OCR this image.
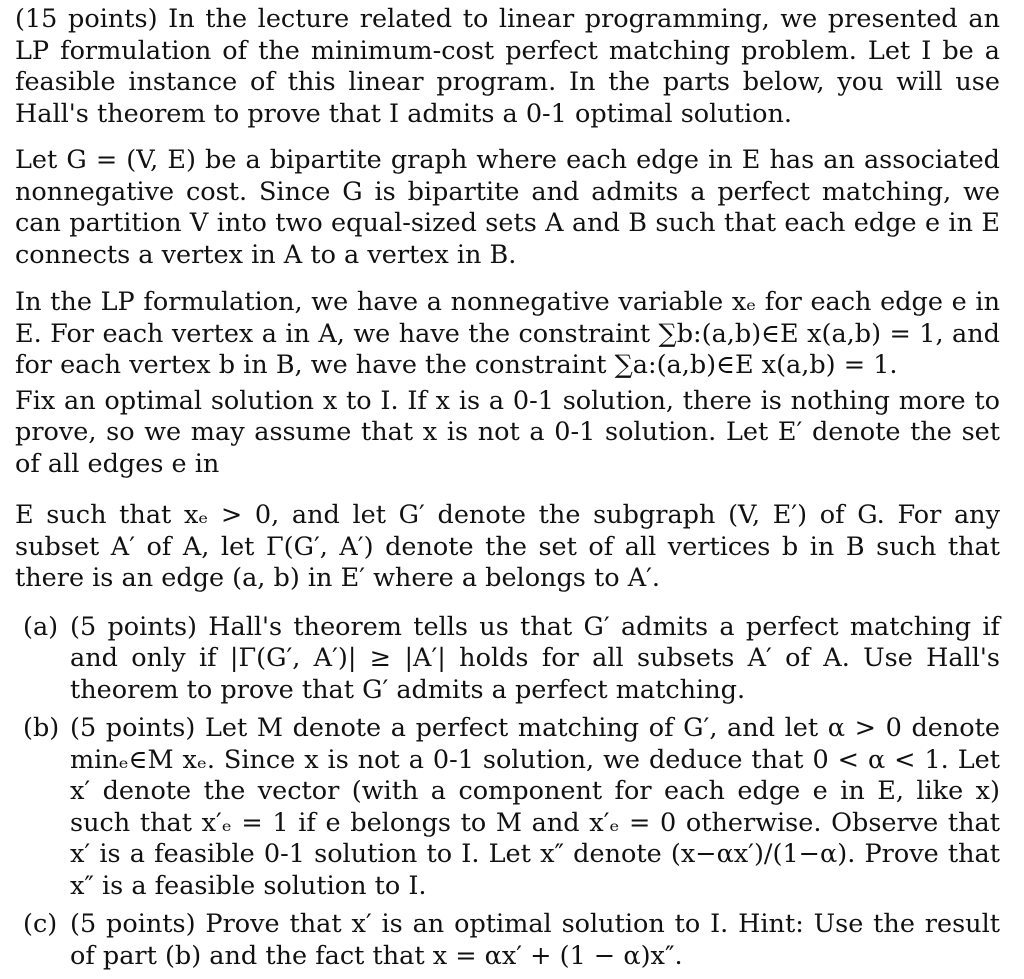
(15 points) In the lecture related to linear programming, we presented an LP formulation of the minimum-cost perfect matching problem. Let I be a feasible instance of this linear program. In the parts below, you will use Hall's theorem to prove that I admits a 0-1 optimal solution.

Let G = (V, E) be a bipartite graph where each edge in E has an associated nonnegative cost. Since G is bipartite and admits a perfect matching, we can partition V into two equal-sized sets A and B such that each edge e in E connects a vertex in A to a vertex in B.

In the LP formulation, we have a nonnegative variable xₑ for each edge e in E. For each vertex a in A, we have the constraint ∑b:(a,b)∈E x(a,b) = 1, and for each vertex b in B, we have the constraint ∑a:(a,b)∈E x(a,b) = 1.

Fix an optimal solution x to I. If x is a 0-1 solution, there is nothing more to prove, so we may assume that x is not a 0-1 solution. Let E′ denote the set of all edges e in

E such that xₑ > 0, and let G′ denote the subgraph (V, E′) of G. For any subset A′ of A, let Γ(G′, A′) denote the set of all vertices b in B such that there is an edge (a, b) in E′ where a belongs to A′.

(a) (5 points) Hall's theorem tells us that G′ admits a perfect matching if and only if |Γ(G′, A′)| ≥ |A′| holds for all subsets A′ of A. Use Hall's theorem to prove that G′ admits a perfect matching.
(b) (5 points) Let M denote a perfect matching of G′, and let α > 0 denote minₑ∈M xₑ. Since x is not a 0-1 solution, we deduce that 0 < α < 1. Let x′ denote the vector (with a component for each edge e in E, like x) such that x′ₑ = 1 if e belongs to M and x′ₑ = 0 otherwise. Observe that x′ is a feasible 0-1 solution to I. Let x″ denote (x−αx′)/(1−α). Prove that x″ is a feasible solution to I.
(c) (5 points) Prove that x′ is an optimal solution to I. Hint: Use the result of part (b) and the fact that x = αx′ + (1 − α)x″.
